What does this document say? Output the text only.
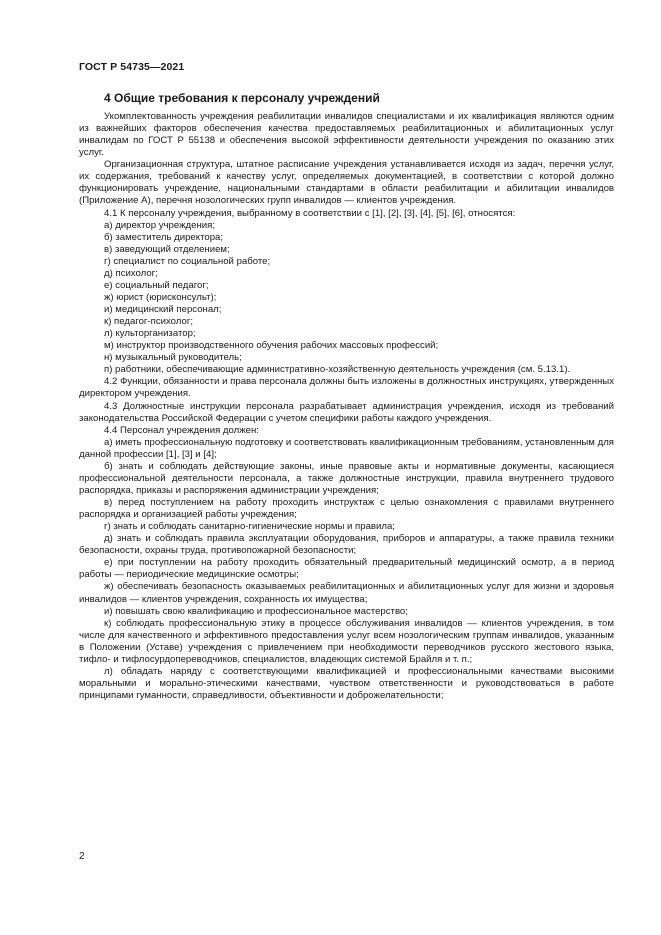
ГОСТ Р 54735—2021
4 Общие требования к персоналу учреждений

Укомплектованность учреждения реабилитации инвалидов специалистами и их квалификация являются одним из важнейших факторов обеспечения качества предоставляемых реабилитационных и абилитационных услуг инвалидам по ГОСТ Р 55138 и обеспечения высокой эффективности деятельности учреждения по оказанию этих услуг.

Организационная структура, штатное расписание учреждения устанавливается исходя из задач, перечня услуг, их содержания, требований к качеству услуг, определяемых документацией, в соответствии с которой должно функционировать учреждение, национальными стандартами в области реабилитации и абилитации инвалидов (Приложение А), перечня нозологических групп инвалидов — клиентов учреждения.

4.1 К персоналу учреждения, выбранному в соответствии с [1], [2], [3], [4], [5], [6], относятся:

а) директор учреждения;

б) заместитель директора;

в) заведующий отделением;

г) специалист по социальной работе;

д) психолог;

е) социальный педагог;

ж) юрист (юрисконсульт);

и) медицинский персонал;

к) педагог-психолог;

л) культорганизатор;

м) инструктор производственного обучения рабочих массовых профессий;

н) музыкальный руководитель;

п) работники, обеспечивающие административно-хозяйственную деятельность учреждения (см. 5.13.1).

4.2 Функции, обязанности и права персонала должны быть изложены в должностных инструкциях, утвержденных директором учреждения.

4.3 Должностные инструкции персонала разрабатывает администрация учреждения, исходя из требований законодательства Российской Федерации с учетом специфики работы каждого учреждения.

4.4 Персонал учреждения должен:

а) иметь профессиональную подготовку и соответствовать квалификационным требованиям, установленным для данной профессии [1], [3] и [4];

б) знать и соблюдать действующие законы, иные правовые акты и нормативные документы, касающиеся профессиональной деятельности персонала, а также должностные инструкции, правила внутреннего трудового распорядка, приказы и распоряжения администрации учреждения;

в) перед поступлением на работу проходить инструктаж с целью ознакомления с правилами внутреннего распорядка и организацией работы учреждения;

г) знать и соблюдать санитарно-гигиенические нормы и правила;

д) знать и соблюдать правила эксплуатации оборудования, приборов и аппаратуры, а также правила техники безопасности, охраны труда, противопожарной безопасности;

е) при поступлении на работу проходить обязательный предварительный медицинский осмотр, а в период работы — периодические медицинские осмотры;

ж) обеспечивать безопасность оказываемых реабилитационных и абилитационных услуг для жизни и здоровья инвалидов — клиентов учреждения, сохранность их имущества;

и) повышать свою квалификацию и профессиональное мастерство;

к) соблюдать профессиональную этику в процессе обслуживания инвалидов — клиентов учреждения, в том числе для качественного и эффективного предоставления услуг всем нозологическим группам инвалидов, указанным в Положении (Уставе) учреждения с привлечением при необходимости переводчиков русского жестового языка, тифло- и тифлосурдопереводчиков, специалистов, владеющих системой Брайля и т. п.;

л) обладать наряду с соответствующими квалификацией и профессиональными качествами высокими моральными и морально-этическими качествами, чувством ответственности и руководствоваться в работе принципами гуманности, справедливости, объективности и доброжелательности;

2
